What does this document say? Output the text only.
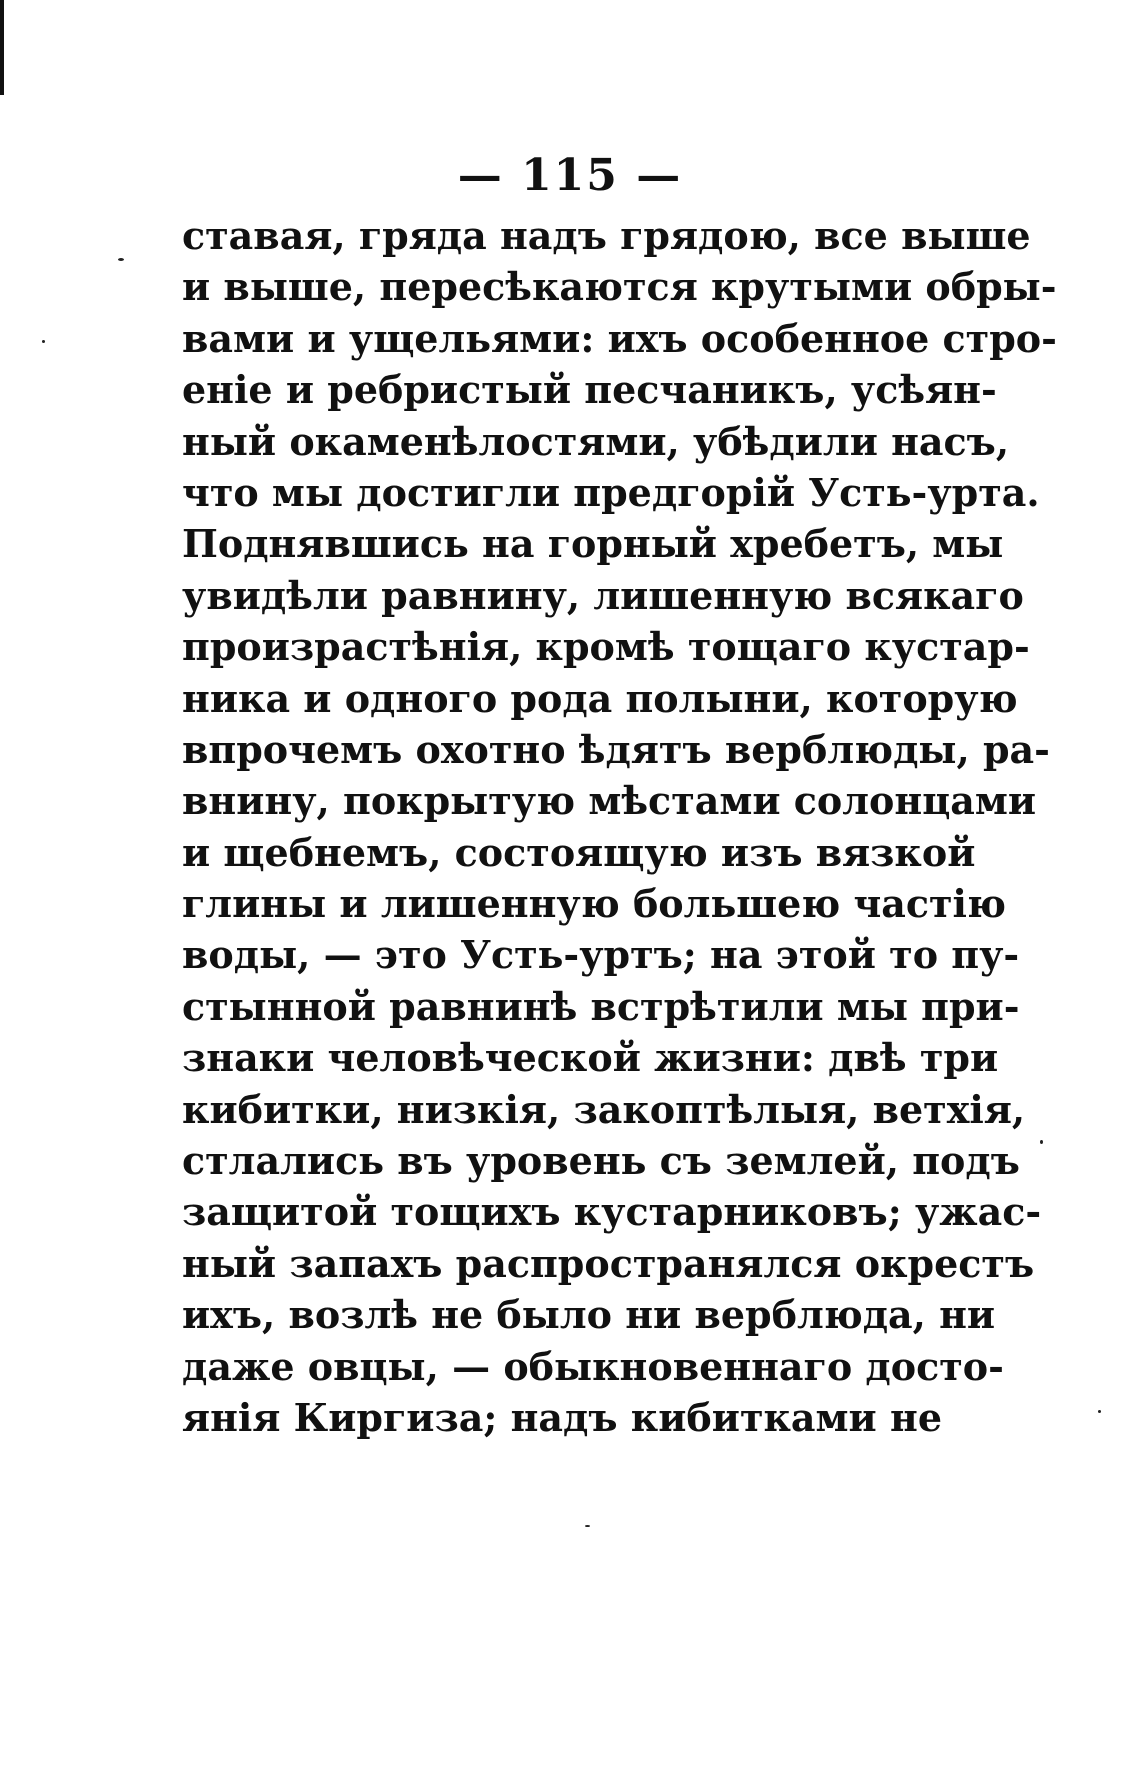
— 115 —
ставая, гряда надъ грядою, все выше
и выше, пересѣкаются крутыми обры-
вами и ущельями: ихъ особенное стро-
еніе и ребристый песчаникъ, усѣян-
ный окаменѣлостями, убѣдили насъ,
что мы достигли предгорій Усть-урта.
Поднявшись на горный хребетъ, мы
увидѣли равнину, лишенную всякаго
произрастѣнія, кромѣ тощаго кустар-
ника и одного рода полыни, которую
впрочемъ охотно ѣдятъ верблюды, ра-
внину, покрытую мѣстами солонцами
и щебнемъ, состоящую изъ вязкой
глины и лишенную большею частію
воды, — это Усть-уртъ; на этой то пу-
стынной равнинѣ встрѣтили мы при-
знаки человѣческой жизни: двѣ три
кибитки, низкія, закоптѣлыя, ветхія,
стлались въ уровень съ землей, подъ
защитой тощихъ кустарниковъ; ужас-
ный запахъ распространялся окрестъ
ихъ, возлѣ не было ни верблюда, ни
даже овцы, — обыкновеннаго досто-
янія Киргиза; надъ кибитками не
